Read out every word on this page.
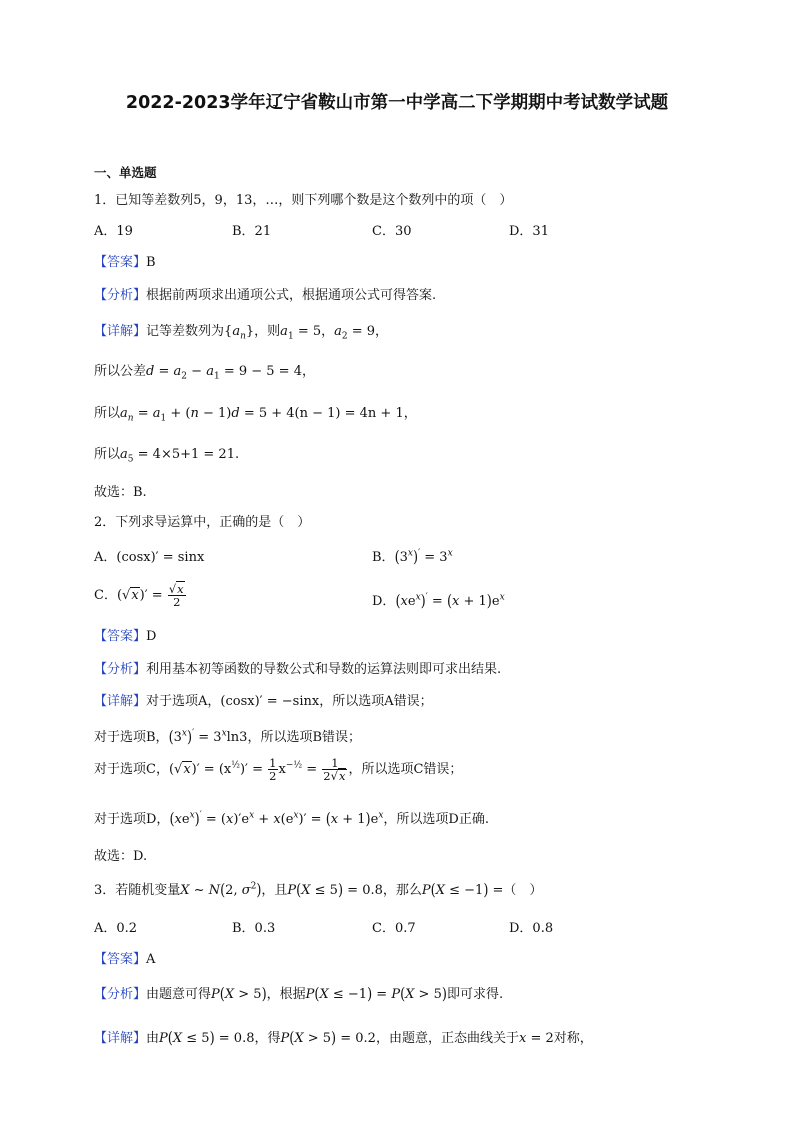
2022-2023学年辽宁省鞍山市第一中学高二下学期期中考试数学试题
一、单选题
1．已知等差数列5，9，13，…，则下列哪个数是这个数列中的项（　）
A．19	B．21	C．30	D．31
【答案】B
【分析】根据前两项求出通项公式，根据通项公式可得答案.
【详解】记等差数列为$\{a_n\}$，则$a_1 = 5$，$a_2 = 9$，
所以公差$d = a_2 - a_1 = 9 - 5 = 4$，
所以$a_n = a_1 + (n - 1)d = 5 + 4(n - 1) = 4n + 1$，
所以$a_5 = 4\times 5+1 = 21$.
故选：B.
2．下列求导运算中，正确的是（　）
A．(cosx)′ = sinx	B．$(3^x)' = 3^x$
C．$(√x)' = \frac{√x}{2}$	D．$(xe^x)' = (x + 1)e^x$
【答案】D
【分析】利用基本初等函数的导数公式和导数的运算法则即可求出结果.
【详解】对于选项A，(cosx)′ = −sinx，所以选项A错误；
对于选项B，$(3^x)' = 3^x\ln 3$，所以选项B错误；
对于选项C，$(√x)' = (x^{\frac{1}{2}})' = \frac{1}{2} x^{-\frac{1}{2}} = \frac{1}{2√x}$ ，所以选项C错误；
对于选项D，$(xe^x)' = (x)'e^x + x(e^x)' = (x + 1)e^x$，所以选项D正确.
故选：D.
3．若随机变量X ~ N(2, $\sigma^2$)，且P(X ≤ 5) = 0.8，那么P(X ≤ −1) =（　）
A．0.2	B．0.3	C．0.7	D．0.8
【答案】A
【分析】由题意可得P(X > 5)，根据P(X ≤ −1) = P(X > 5)即可求得.
【详解】由P(X ≤ 5) = 0.8，得P(X > 5) = 0.2，由题意，正态曲线关于x = 2对称，
